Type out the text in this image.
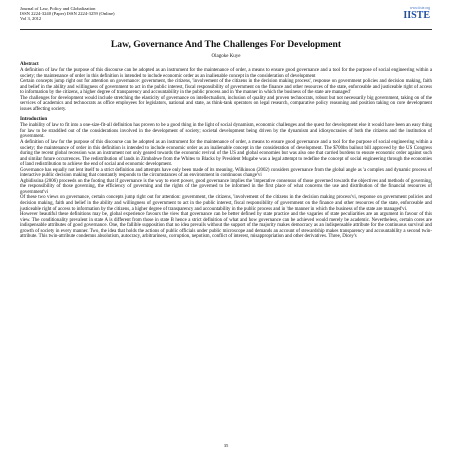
Journal of Law, Policy and Globalization
ISSN 2224-3240 (Paper) ISSN 2224-3259 (Online)
Vol 3, 2012
www.iiste.org
IISTE
Law, Governance And The Challenges For Development
Olagoke Kuye
Abstract

A definition of law for the purpose of this discourse can be adopted as an instrument for the maintenance of order, a means to ensure good governance and a tool for the purpose of social engineering within a society; the maintenance of order in this definition is intended to include economic order as an inalienable concept in the consideration of development

Certain concepts jump right out for attention on governance: government, the citizens, 'involvement of the citizens in the decision making process', response on government policies and decision making, faith and belief in the ability and willingness of government to act in the public interest, fiscal responsibility of government on the finance and other resources of the state, enforceable and justiceable right of access to information by the citizens, a higher degree of transparency and accountability in the public process and in 'the manner in which the business of the state are managed'

The challenges for development would include stretching the elasticity of governance on intellectualism, inclusion of quality and proven technocrats, robust but not necessarily big government, taking on of the services of academics and technocrats as office employees for legislators, national and state, as think-tank operators on legal research, comparative policy reasoning and position taking on core development issues affecting society.

Introduction

The inability of law to fit into a one-size-fit-all definition has proven to be a good thing in the light of social dynamism, economic challenges and the quest for development else it would have been an easy thing for law to be straddled out of the considerations involved in the development of society; societal development being driven by the dynamism and idiosyncrasies of both the citizens and the institution of government.

A definition of law for the purpose of this discourse can be adopted as an instrument for the maintenance of order, a means to ensure good governance and a tool for the purpose of social engineering within a society; the maintenance of order in this definition is intended to include economic order as an inalienable concept in the consideration of development. The $700bn bailout bill approved by the US Congress during the recent global recession was an instrument not only geared towards the economic revival of the US and global economies but was also one that carried burdens to ensure economic order against such and similar future occurrences. The redistribution of lands in Zimbabwe from the Whites to Blacks by President Mugabe was a legal attempt to redefine the concept of social engineering through the economies of land redistribution to achieve the end of social and economic development.

Governance has equally not lent itself to a strict definition and attempts have only been made of its meaning. Wilkinson (2002) considers governance from the global angle as 'a complex and dynamic process of interactive public decision making that constantly responds to the circumstances of an environment in continuous change'vi

Agbidissina (2006) proceeds on the footing that if governance is the way to exert power, good governance implies the 'imperative consensus of those governed towards the objectives and methods of governing, the responsibility of those governing, the efficiency of governing and the rights of the governed to be informed in the first place of what concerns the use and distribution of the financial resources of government'vi

Of these two views on governance, certain concepts jump right out for attention: government, the citizens, 'involvement of the citizens in the decision making process'vi, response on government policies and decision making, faith and belief in the ability and willingness of government to act in the public interest, fiscal responsibility of government on the finance and other resources of the state, enforceable and justiceable right of access to information by the citizens, a higher degree of transparency and accountability in the public process and in 'the manner in which the business of the state are managed'vi.

However beautiful these definitions may be, global experience favours the view that governance can be better defined by state practice and the vagaries of state peculiarities are an argument in favour of this view. The conditionality prevalent in state A is different from those in state B hence a strict definition of what and how governance can be achieved would merely be academic. Nevertheless, certain cores are indispensable attributes of good governance. One, the fallible supposition that no idea prevails without the support of the majority makes democracy as an indispensable attribute for the continuous survival and growth of society in every manner. Two, the idea that holds the actions of public officials under public microscope and demands an account of stewardship makes transparency and accountability a second twin-attribute. This twin-attribute condemns absolutism, autocracy, arbitrariness, corruption, nepotism, conflict of interest, misappropriation and other derivatives. Three, Dicey's

35
